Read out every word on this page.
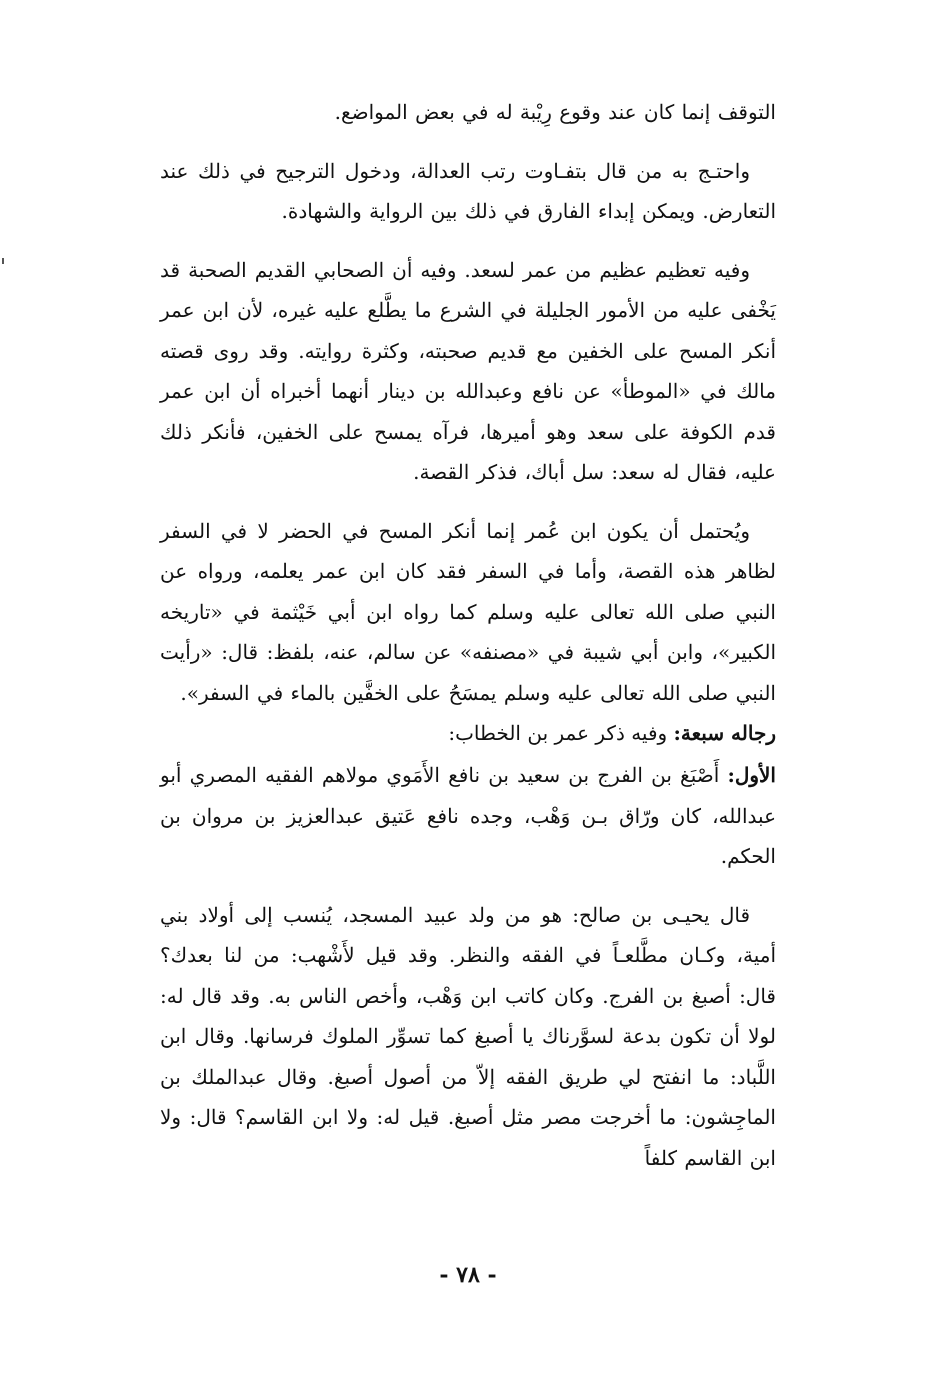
التوقف إنما كان عند وقوع رِيْبة له في بعض المواضع.

واحتـج به من قال بتفـاوت رتب العدالة، ودخول الترجيح في ذلك عند التعارض. ويمكن إبداء الفارق في ذلك بين الرواية والشهادة.

وفيه تعظيم عظيم من عمر لسعد. وفيه أن الصحابي القديم الصحبة قد يَخْفى عليه من الأمور الجليلة في الشرع ما يطَّلع عليه غيره، لأن ابن عمر أنكر المسح على الخفين مع قديم صحبته، وكثرة روايته. وقد روى قصته مالك في «الموطأ» عن نافع وعبدالله بن دينار أنهما أخبراه أن ابن عمر قدم الكوفة على سعد وهو أميرها، فرآه يمسح على الخفين، فأنكر ذلك عليه، فقال له سعد: سل أباك، فذكر القصة.

ويُحتمل أن يكون ابن عُمر إنما أنكر المسح في الحضر لا في السفر لظاهر هذه القصة، وأما في السفر فقد كان ابن عمر يعلمه، ورواه عن النبي صلى الله تعالى عليه وسلم كما رواه ابن أبي خَيْثمة في «تاريخه الكبير»، وابن أبي شيبة في «مصنفه» عن سالم، عنه، بلفظ: قال: «رأيت النبي صلى الله تعالى عليه وسلم يمسَحُ على الخفَّين بالماء في السفر».

رجاله سبعة: وفيه ذكر عمر بن الخطاب:

الأول: أَصْبَغ بن الفرج بن سعيد بن نافع الأَمَوي مولاهم الفقيه المصري أبو عبدالله، كان ورّاق بـن وَهْب، وجده نافع عَتيق عبدالعزيز بن مروان بن الحكم.

قال يحيـى بن صالح: هو من ولد عبيد المسجد، يُنسب إلى أولاد بني أمية، وكـان مطَّلعـاً في الفقه والنظر. وقد قيل لأَشْهب: من لنا بعدك؟ قال: أصبغ بن الفرج. وكان كاتب ابن وَهْب، وأخص الناس به. وقد قال له: لولا أن تكون بدعة لسوَّرناك يا أصبغ كما تسوِّر الملوك فرسانها. وقال ابن اللَّباد: ما انفتح لي طريق الفقه إلاّ من أصول أصبغ. وقال عبدالملك بن الماجِشون: ما أخرجت مصر مثل أصبغ. قيل له: ولا ابن القاسم؟ قال: ولا ابن القاسم كلفاً

- ٧٨ -
